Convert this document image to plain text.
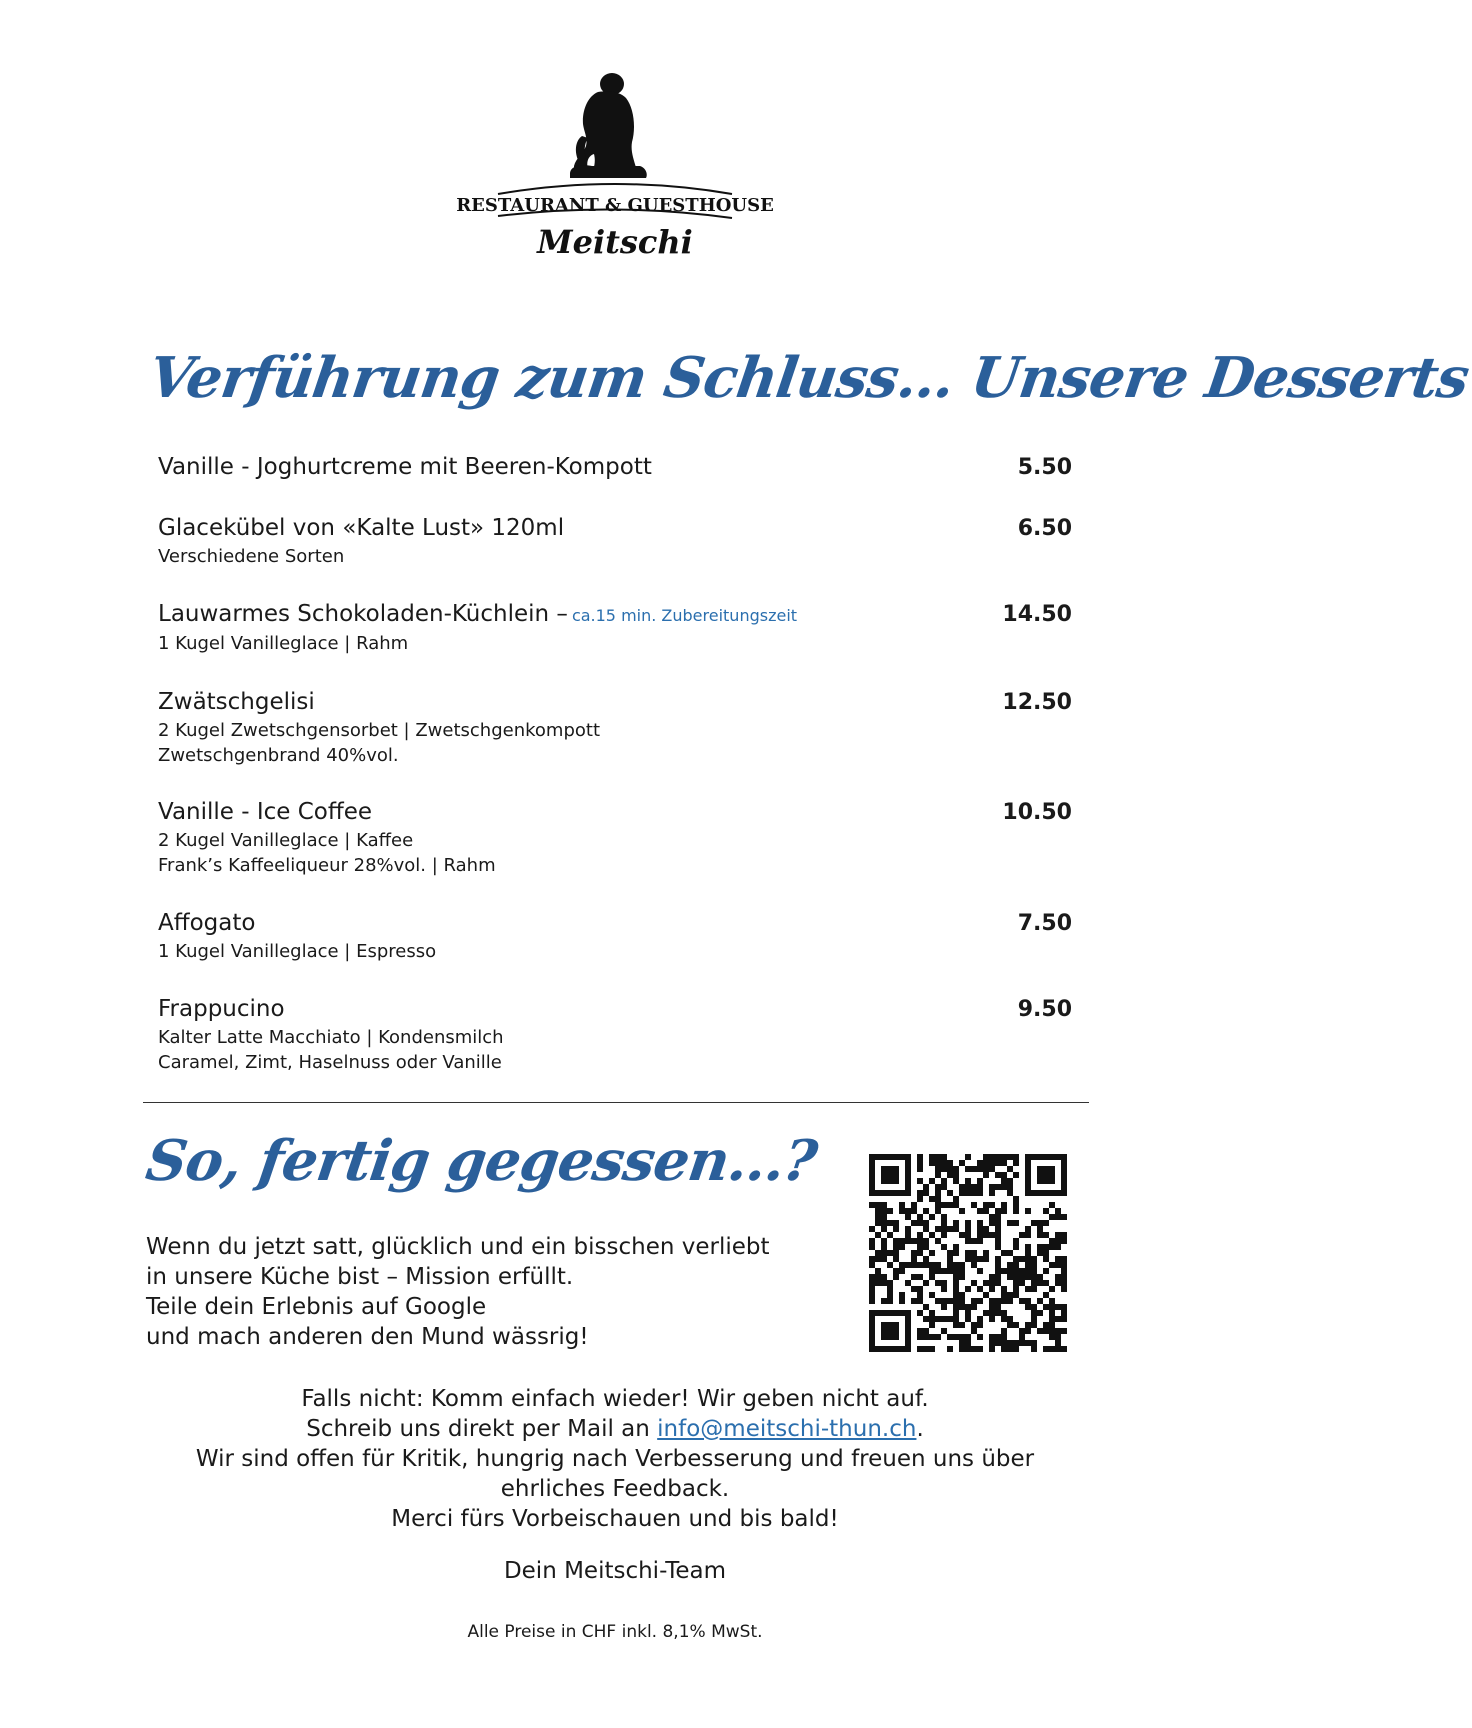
RESTAURANT & GUESTHOUSE
Meitschi
Verführung zum Schluss... Unsere Desserts
Vanille - Joghurtcreme mit Beeren-Kompott	5.50
Glacekübel von «Kalte Lust» 120ml	6.50
Verschiedene Sorten
Lauwarmes Schokoladen-Küchlein – ca.15 min. Zubereitungszeit	14.50
1 Kugel Vanilleglace | Rahm
Zwätschgelisi	12.50
2 Kugel Zwetschgensorbet | Zwetschgenkompott
Zwetschgenbrand 40%vol.
Vanille - Ice Coffee	10.50
2 Kugel Vanilleglace | Kaffee
Frank’s Kaffeeliqueur 28%vol. | Rahm
Affogato	7.50
1 Kugel Vanilleglace | Espresso
Frappucino	9.50
Kalter Latte Macchiato | Kondensmilch
Caramel, Zimt, Haselnuss oder Vanille
So, fertig gegessen...?
Wenn du jetzt satt, glücklich und ein bisschen verliebt
in unsere Küche bist – Mission erfüllt.
Teile dein Erlebnis auf Google
und mach anderen den Mund wässrig!
Falls nicht: Komm einfach wieder! Wir geben nicht auf.
Schreib uns direkt per Mail an info@meitschi-thun.ch.
Wir sind offen für Kritik, hungrig nach Verbesserung und freuen uns über
ehrliches Feedback.
Merci fürs Vorbeischauen und bis bald!
Dein Meitschi-Team
Alle Preise in CHF inkl. 8,1% MwSt.
